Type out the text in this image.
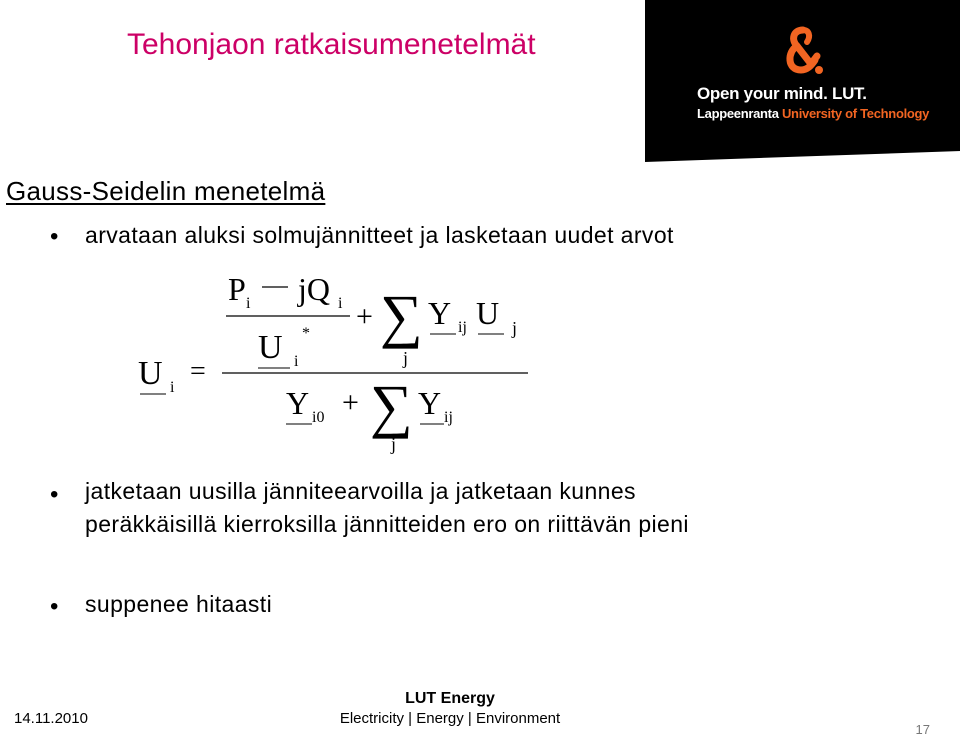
Tehonjaon ratkaisumenetelmät
Open your mind. LUT.
Lappeenranta University of Technology
Gauss-Seidelin menetelmä
• arvataan aluksi solmujännitteet ja lasketaan uudet arvot
U i
=
P i jQ i
U i
*
+ ∑
j
Y ij U j
Y i0 + ∑
j
Y ij
• jatketaan uusilla jänniteearvoilla ja jatketaan kunnes
peräkkäisillä kierroksilla jännitteiden ero on riittävän pieni
• suppenee hitaasti
14.11.2010
LUT Energy
Electricity | Energy | Environment
17
